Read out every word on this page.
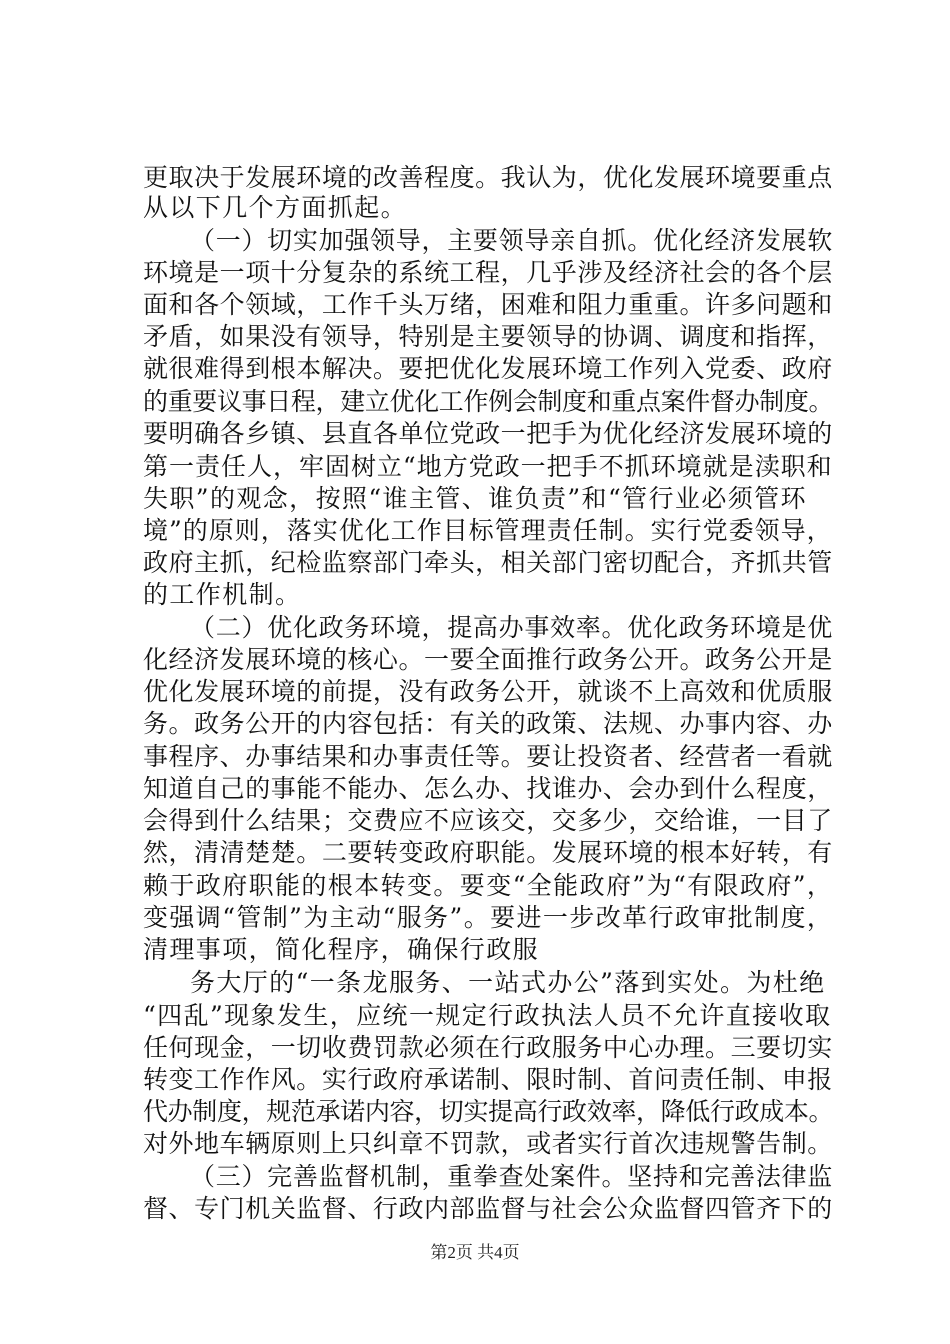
更取决于发展环境的改善程度。我认为，优化发展环境要重点
从以下几个方面抓起。
（一）切实加强领导，主要领导亲自抓。优化经济发展软
环境是一项十分复杂的系统工程，几乎涉及经济社会的各个层
面和各个领域，工作千头万绪，困难和阻力重重。许多问题和
矛盾，如果没有领导，特别是主要领导的协调、调度和指挥，
就很难得到根本解决。要把优化发展环境工作列入党委、政府
的重要议事日程，建立优化工作例会制度和重点案件督办制度。
要明确各乡镇、县直各单位党政一把手为优化经济发展环境的
第一责任人，牢固树立“地方党政一把手不抓环境就是渎职和
失职”的观念，按照“谁主管、谁负责”和“管行业必须管环
境”的原则，落实优化工作目标管理责任制。实行党委领导，
政府主抓，纪检监察部门牵头，相关部门密切配合，齐抓共管
的工作机制。
（二）优化政务环境，提高办事效率。优化政务环境是优
化经济发展环境的核心。一要全面推行政务公开。政务公开是
优化发展环境的前提，没有政务公开，就谈不上高效和优质服
务。政务公开的内容包括：有关的政策、法规、办事内容、办
事程序、办事结果和办事责任等。要让投资者、经营者一看就
知道自己的事能不能办、怎么办、找谁办、会办到什么程度，
会得到什么结果；交费应不应该交，交多少，交给谁，一目了
然，清清楚楚。二要转变政府职能。发展环境的根本好转，有
赖于政府职能的根本转变。要变“全能政府”为“有限政府”，
变强调“管制”为主动“服务”。要进一步改革行政审批制度，
清理事项，简化程序，确保行政服
务大厅的“一条龙服务、一站式办公”落到实处。为杜绝
“四乱”现象发生，应统一规定行政执法人员不允许直接收取
任何现金，一切收费罚款必须在行政服务中心办理。三要切实
转变工作作风。实行政府承诺制、限时制、首问责任制、申报
代办制度，规范承诺内容，切实提高行政效率，降低行政成本。
对外地车辆原则上只纠章不罚款，或者实行首次违规警告制。
（三）完善监督机制，重拳查处案件。坚持和完善法律监
督、专门机关监督、行政内部监督与社会公众监督四管齐下的
第2页 共4页
